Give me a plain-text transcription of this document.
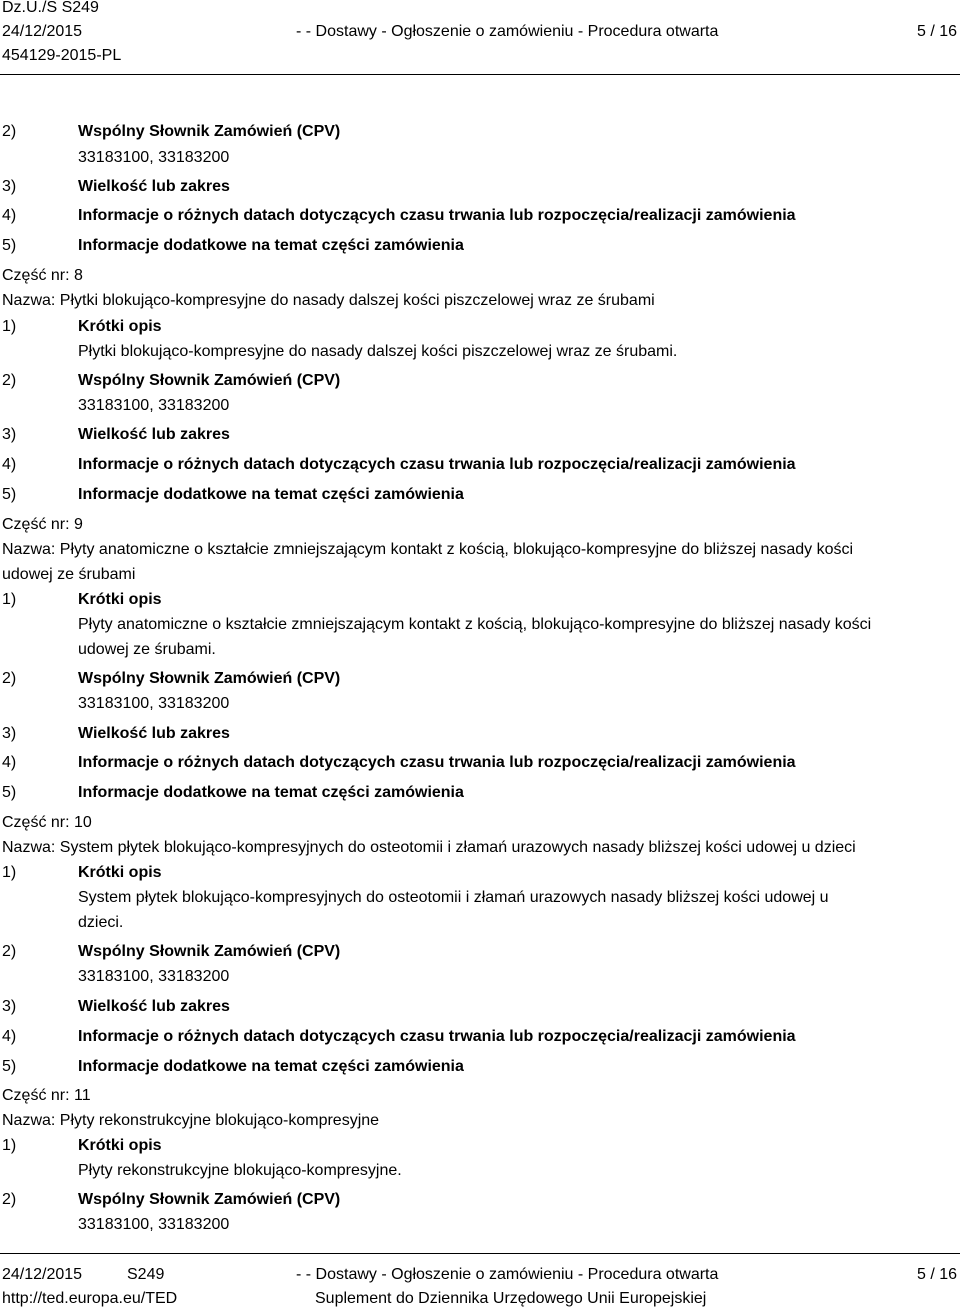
Dz.U./S S249
24/12/2015
454129-2015-PL
- - Dostawy - Ogłoszenie o zamówieniu - Procedura otwarta	5 / 16
2)	Wspólny Słownik Zamówień (CPV)
33183100, 33183200
3)	Wielkość lub zakres
4)	Informacje o różnych datach dotyczących czasu trwania lub rozpoczęcia/realizacji zamówienia
5)	Informacje dodatkowe na temat części zamówienia
Część nr: 8
Nazwa: Płytki blokująco-kompresyjne do nasady dalszej kości piszczelowej wraz ze śrubami
1)	Krótki opis
Płytki blokująco-kompresyjne do nasady dalszej kości piszczelowej wraz ze śrubami.
2)	Wspólny Słownik Zamówień (CPV)
33183100, 33183200
3)	Wielkość lub zakres
4)	Informacje o różnych datach dotyczących czasu trwania lub rozpoczęcia/realizacji zamówienia
5)	Informacje dodatkowe na temat części zamówienia
Część nr: 9
Nazwa: Płyty anatomiczne o kształcie zmniejszającym kontakt z kością, blokująco-kompresyjne do bliższej nasady kości
udowej ze śrubami
1)	Krótki opis
Płyty anatomiczne o kształcie zmniejszającym kontakt z kością, blokująco-kompresyjne do bliższej nasady kości
udowej ze śrubami.
2)	Wspólny Słownik Zamówień (CPV)
33183100, 33183200
3)	Wielkość lub zakres
4)	Informacje o różnych datach dotyczących czasu trwania lub rozpoczęcia/realizacji zamówienia
5)	Informacje dodatkowe na temat części zamówienia
Część nr: 10
Nazwa: System płytek blokująco-kompresyjnych do osteotomii i złamań urazowych nasady bliższej kości udowej u dzieci
1)	Krótki opis
System płytek blokująco-kompresyjnych do osteotomii i złamań urazowych nasady bliższej kości udowej u
dzieci.
2)	Wspólny Słownik Zamówień (CPV)
33183100, 33183200
3)	Wielkość lub zakres
4)	Informacje o różnych datach dotyczących czasu trwania lub rozpoczęcia/realizacji zamówienia
5)	Informacje dodatkowe na temat części zamówienia
Część nr: 11
Nazwa: Płyty rekonstrukcyjne blokująco-kompresyjne
1)	Krótki opis
Płyty rekonstrukcyjne blokująco-kompresyjne.
2)	Wspólny Słownik Zamówień (CPV)
33183100, 33183200
24/12/2015	S249
http://ted.europa.eu/TED
- - Dostawy - Ogłoszenie o zamówieniu - Procedura otwarta
Suplement do Dziennika Urzędowego Unii Europejskiej
5 / 16
